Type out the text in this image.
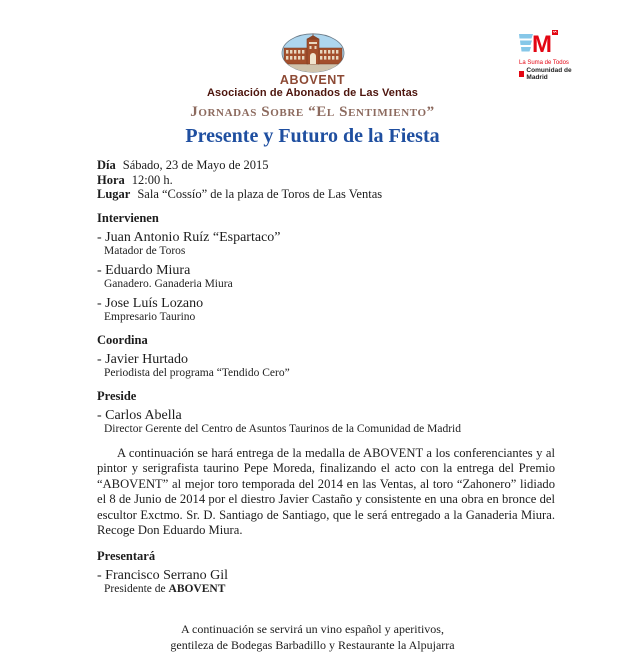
ABOVENT
Asociación de Abonados de Las Ventas
M
La Suma de Todos
Comunidad de Madrid
Jornadas Sobre “El Sentimiento”
Presente y Futuro de la Fiesta
Día Sábado, 23 de Mayo de 2015
Hora 12:00 h.
Lugar Sala “Cossío” de la plaza de Toros de Las Ventas
Intervienen
- Juan Antonio Ruíz “Espartaco”
Matador de Toros
- Eduardo Miura
Ganadero. Ganaderia Miura
- Jose Luís Lozano
Empresario Taurino
Coordina
- Javier Hurtado
Periodista del programa “Tendido Cero”
Preside
- Carlos Abella
Director Gerente del Centro de Asuntos Taurinos de la Comunidad de Madrid

A continuación se hará entrega de la medalla de ABOVENT a los conferenciantes y al pintor y serigrafista taurino Pepe Moreda, finalizando el acto con la entrega del Premio “ABOVENT” al mejor toro temporada del 2014 en las Ventas, al toro “Zahonero” lidiado el 8 de Junio de 2014 por el diestro Javier Castaño y consistente en una obra en bronce del escultor Exctmo. Sr. D. Santiago de Santiago, que le será entregado a la Ganaderia Miura. Recoge Don Eduardo Miura.

Presentará
- Francisco Serrano Gil
Presidente de ABOVENT
A continuación se servirá un vino español y aperitivos,
gentileza de Bodegas Barbadillo y Restaurante la Alpujarra
